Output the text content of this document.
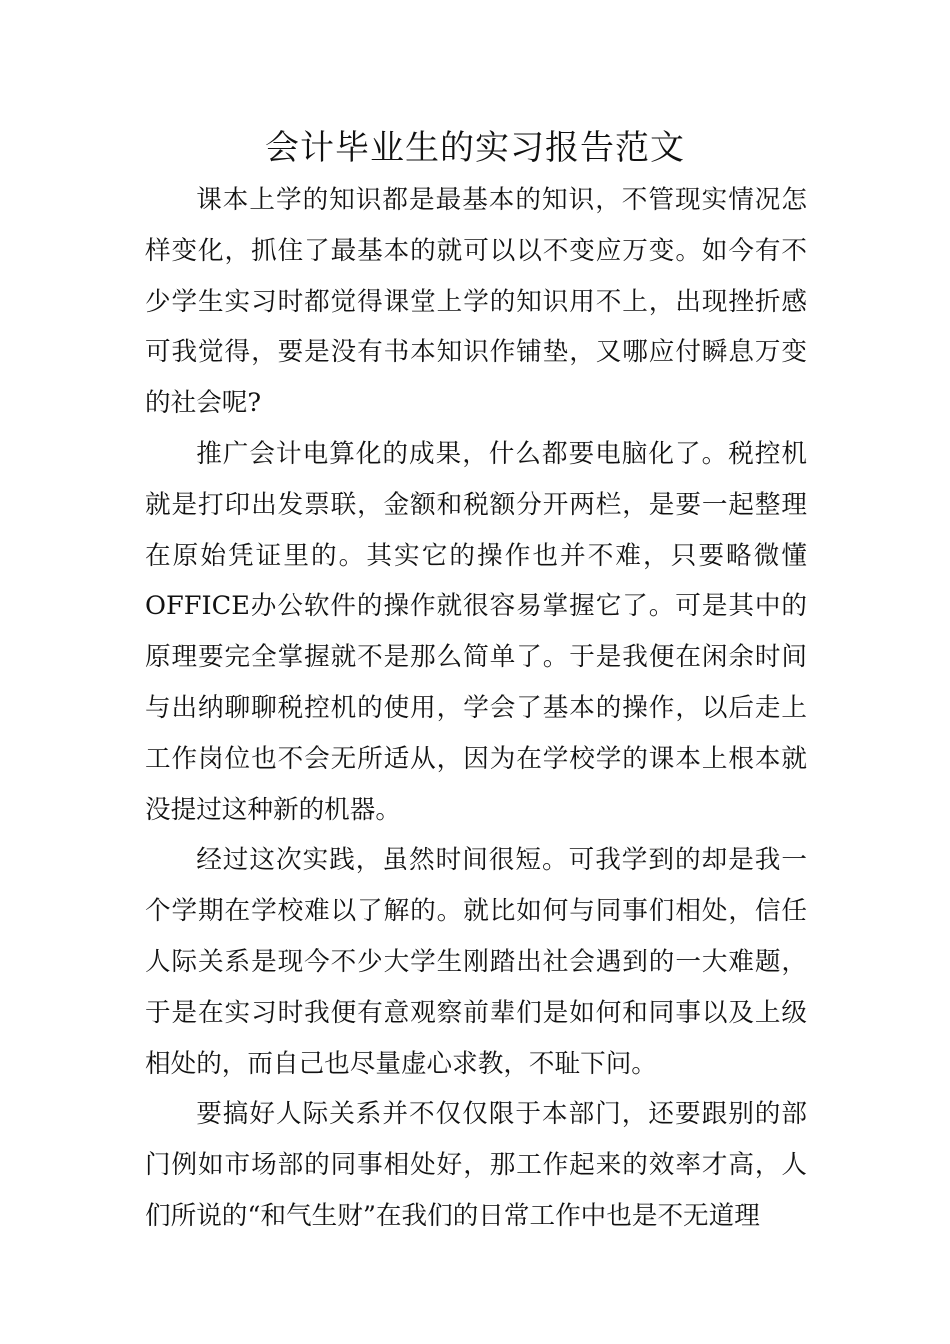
会计毕业生的实习报告范文

课本上学的知识都是最基本的知识，不管现实情况怎样变化，抓住了最基本的就可以以不变应万变。如今有不少学生实习时都觉得课堂上学的知识用不上，出现挫折感可我觉得，要是没有书本知识作铺垫，又哪应付瞬息万变的社会呢?

推广会计电算化的成果，什么都要电脑化了。税控机就是打印出发票联，金额和税额分开两栏，是要一起整理在原始凭证里的。其实它的操作也并不难，只要略微懂OFFICE办公软件的操作就很容易掌握它了。可是其中的原理要完全掌握就不是那么简单了。于是我便在闲余时间与出纳聊聊税控机的使用，学会了基本的操作，以后走上工作岗位也不会无所适从，因为在学校学的课本上根本就没提过这种新的机器。

经过这次实践，虽然时间很短。可我学到的却是我一个学期在学校难以了解的。就比如何与同事们相处，信任人际关系是现今不少大学生刚踏出社会遇到的一大难题，于是在实习时我便有意观察前辈们是如何和同事以及上级相处的，而自己也尽量虚心求教，不耻下问。

要搞好人际关系并不仅仅限于本部门，还要跟别的部门例如市场部的同事相处好，那工作起来的效率才高，人们所说的“和气生财”在我们的日常工作中也是不无道理
